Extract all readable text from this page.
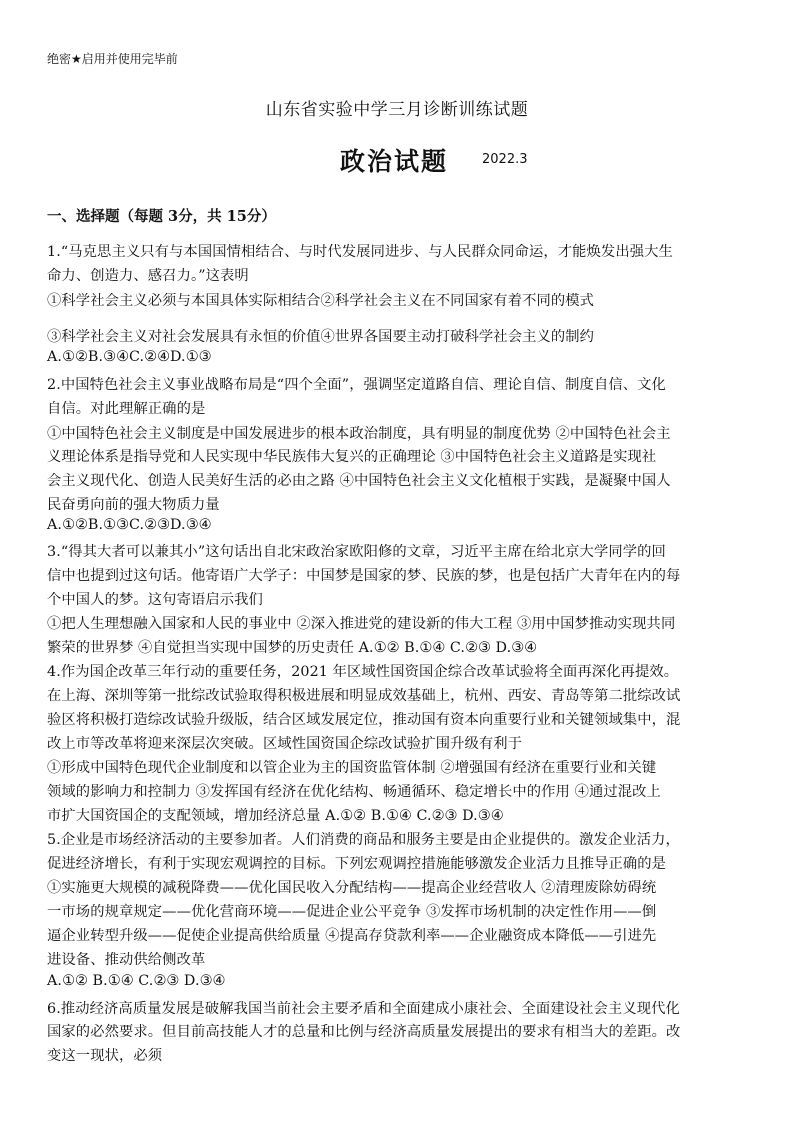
绝密★启用并使用完毕前
山东省实验中学三月诊断训练试题
政治试题	2022.3
一、选择题（每题 3分，共 15分）
1.“马克思主义只有与本国国情相结合、与时代发展同进步、与人民群众同命运，才能焕发出强大生
命力、创造力、感召力。”这表明
①科学社会主义必须与本国具体实际相结合②科学社会主义在不同国家有着不同的模式
③科学社会主义对社会发展具有永恒的价值④世界各国要主动打破科学社会主义的制约
A.①②B.③④C.②④D.①③
2.中国特色社会主义事业战略布局是“四个全面”，强调坚定道路自信、理论自信、制度自信、文化
自信。对此理解正确的是
①中国特色社会主义制度是中国发展进步的根本政治制度，具有明显的制度优势 ②中国特色社会主
义理论体系是指导党和人民实现中华民族伟大复兴的正确理论 ③中国特色社会主义道路是实现社
会主义现代化、创造人民美好生活的必由之路 ④中国特色社会主义文化植根于实践，是凝聚中国人
民奋勇向前的强大物质力量
A.①②B.①③C.②③D.③④
3.“得其大者可以兼其小”这句话出自北宋政治家欧阳修的文章，习近平主席在给北京大学同学的回
信中也提到过这句话。他寄语广大学子：中国梦是国家的梦、民族的梦，也是包括广大青年在内的每
个中国人的梦。这句寄语启示我们
①把人生理想融入国家和人民的事业中 ②深入推进党的建设新的伟大工程 ③用中国梦推动实现共同
繁荣的世界梦 ④自觉担当实现中国梦的历史责任 A.①② B.①④ C.②③ D.③④
4.作为国企改革三年行动的重要任务，2021 年区域性国资国企综合改革试验将全面再深化再提效。
在上海、深圳等第一批综改试验取得积极进展和明显成效基础上，杭州、西安、青岛等第二批综改试
验区将积极打造综改试验升级版，结合区域发展定位，推动国有资本向重要行业和关键领域集中，混
改上市等改革将迎来深层次突破。区域性国资国企综改试验扩围升级有利于
①形成中国特色现代企业制度和以管企业为主的国资监管体制 ②增强国有经济在重要行业和关键
领域的影响力和控制力 ③发挥国有经济在优化结构、畅通循环、稳定增长中的作用 ④通过混改上
市扩大国资国企的支配领域，增加经济总量 A.①② B.①④ C.②③ D.③④
5.企业是市场经济活动的主要参加者。人们消费的商品和服务主要是由企业提供的。激发企业活力，
促进经济增长，有利于实现宏观调控的目标。下列宏观调控措施能够激发企业活力且推导正确的是
①实施更大规模的减税降费——优化国民收入分配结构——提高企业经营收人 ②清理废除妨碍统
一市场的规章规定——优化营商环境——促进企业公平竞争 ③发挥市场机制的决定性作用——倒
逼企业转型升级——促使企业提高供给质量 ④提高存贷款利率——企业融资成本降低——引进先
进设备、推动供给侧改革
A.①② B.①④ C.②③ D.③④
6.推动经济高质量发展是破解我国当前社会主要矛盾和全面建成小康社会、全面建设社会主义现代化
国家的必然要求。但目前高技能人才的总量和比例与经济高质量发展提出的要求有相当大的差距。改
变这一现状，必须
